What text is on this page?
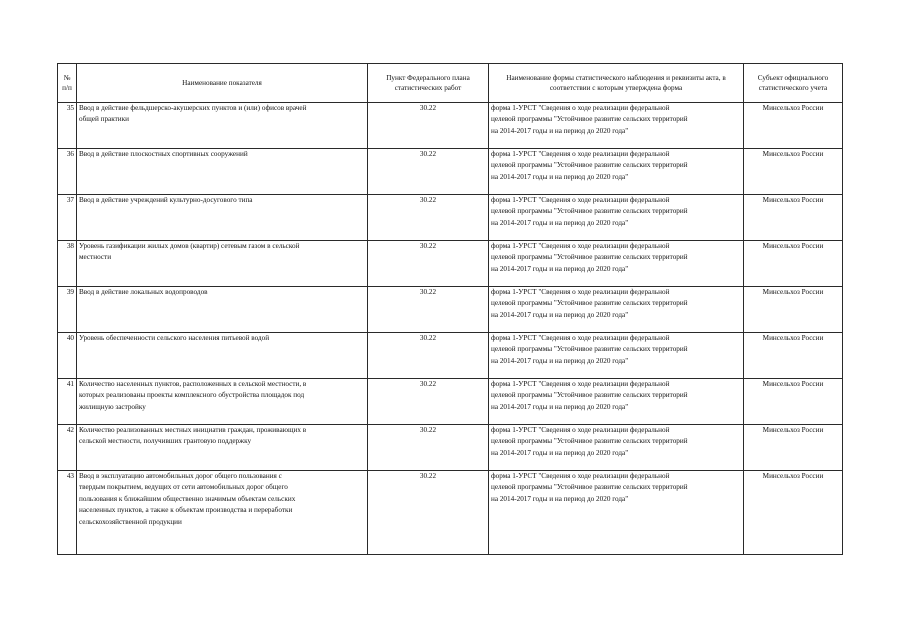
№ п/п	Наименование показателя	Пункт Федерального плана статистических работ	Наименование формы статистического наблюдения и реквизиты акта, в соответствии с которым утверждена форма	Субъект официального статистического учета
35	Ввод в действие фельдшерско-акушерских пунктов и (или) офисов врачей общей практики	30.22	форма 1-УРСТ "Сведения о ходе реализации федеральной целевой программы "Устойчивое развитие сельских территорий на 2014-2017 годы и на период до 2020 года"	Минсельхоз России
36	Ввод в действие плоскостных спортивных сооружений	30.22	форма 1-УРСТ "Сведения о ходе реализации федеральной целевой программы "Устойчивое развитие сельских территорий на 2014-2017 годы и на период до 2020 года"	Минсельхоз России
37	Ввод в действие учреждений культурно-досугового типа	30.22	форма 1-УРСТ "Сведения о ходе реализации федеральной целевой программы "Устойчивое развитие сельских территорий на 2014-2017 годы и на период до 2020 года"	Минсельхоз России
38	Уровень газификации жилых домов (квартир) сетевым газом в сельской местности	30.22	форма 1-УРСТ "Сведения о ходе реализации федеральной целевой программы "Устойчивое развитие сельских территорий на 2014-2017 годы и на период до 2020 года"	Минсельхоз России
39	Ввод в действие локальных водопроводов	30.22	форма 1-УРСТ "Сведения о ходе реализации федеральной целевой программы "Устойчивое развитие сельских территорий на 2014-2017 годы и на период до 2020 года"	Минсельхоз России
40	Уровень обеспеченности сельского населения питьевой водой	30.22	форма 1-УРСТ "Сведения о ходе реализации федеральной целевой программы "Устойчивое развитие сельских территорий на 2014-2017 годы и на период до 2020 года"	Минсельхоз России
41	Количество населенных пунктов, расположенных в сельской местности, в которых реализованы проекты комплексного обустройства площадок под жилищную застройку	30.22	форма 1-УРСТ "Сведения о ходе реализации федеральной целевой программы "Устойчивое развитие сельских территорий на 2014-2017 годы и на период до 2020 года"	Минсельхоз России
42	Количество реализованных местных инициатив граждан, проживающих в сельской местности, получивших грантовую поддержку	30.22	форма 1-УРСТ "Сведения о ходе реализации федеральной целевой программы "Устойчивое развитие сельских территорий на 2014-2017 годы и на период до 2020 года"	Минсельхоз России
43	Ввод в эксплуатацию автомобильных дорог общего пользования с твердым покрытием, ведущих от сети автомобильных дорог общего пользования к ближайшим общественно значимым объектам сельских населенных пунктов, а также к объектам производства и переработки сельскохозяйственной продукции	30.22	форма 1-УРСТ "Сведения о ходе реализации федеральной целевой программы "Устойчивое развитие сельских территорий на 2014-2017 годы и на период до 2020 года"	Минсельхоз России
